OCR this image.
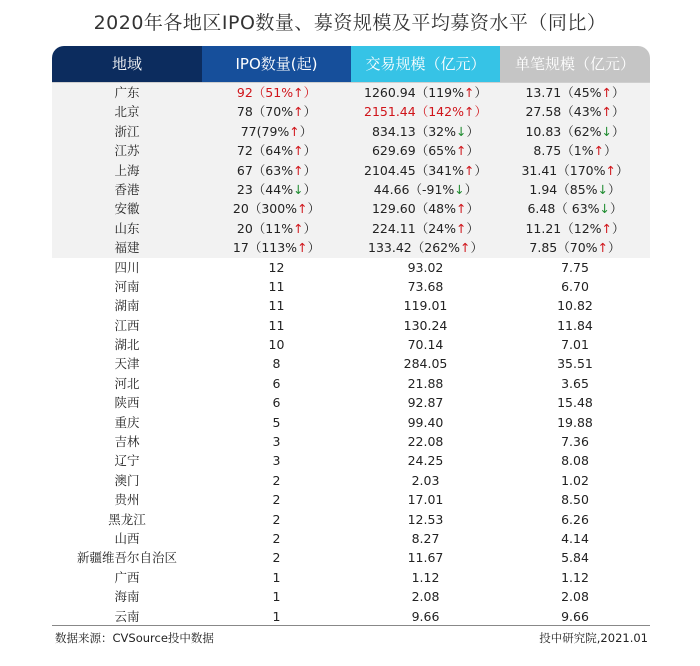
2020年各地区IPO数量、募资规模及平均募资水平（同比）
地域	IPO数量(起)	交易规模（亿元）	单笔规模（亿元）
广东	92（51%↑）	1260.94（119%↑）	13.71（45%↑）
北京	78（70%↑）	2151.44（142%↑）	27.58（43%↑）
浙江	77(79%↑）	834.13（32%↓）	10.83（62%↓）
江苏	72（64%↑）	629.69（65%↑）	8.75（1%↑）
上海	67（63%↑）	2104.45（341%↑）	31.41（170%↑）
香港	23（44%↓）	44.66（-91%↓）	1.94（85%↓）
安徽	20（300%↑）	129.60（48%↑）	6.48（ 63%↓）
山东	20（11%↑）	224.11（24%↑）	11.21（12%↑）
福建	17（113%↑）	133.42（262%↑）	7.85（70%↑）
四川	12	93.02	7.75
河南	11	73.68	6.70
湖南	11	119.01	10.82
江西	11	130.24	11.84
湖北	10	70.14	7.01
天津	8	284.05	35.51
河北	6	21.88	3.65
陕西	6	92.87	15.48
重庆	5	99.40	19.88
吉林	3	22.08	7.36
辽宁	3	24.25	8.08
澳门	2	2.03	1.02
贵州	2	17.01	8.50
黑龙江	2	12.53	6.26
山西	2	8.27	4.14
新疆维吾尔自治区	2	11.67	5.84
广西	1	1.12	1.12
海南	1	2.08	2.08
云南	1	9.66	9.66
数据来源：CVSource投中数据	投中研究院,2021.01
